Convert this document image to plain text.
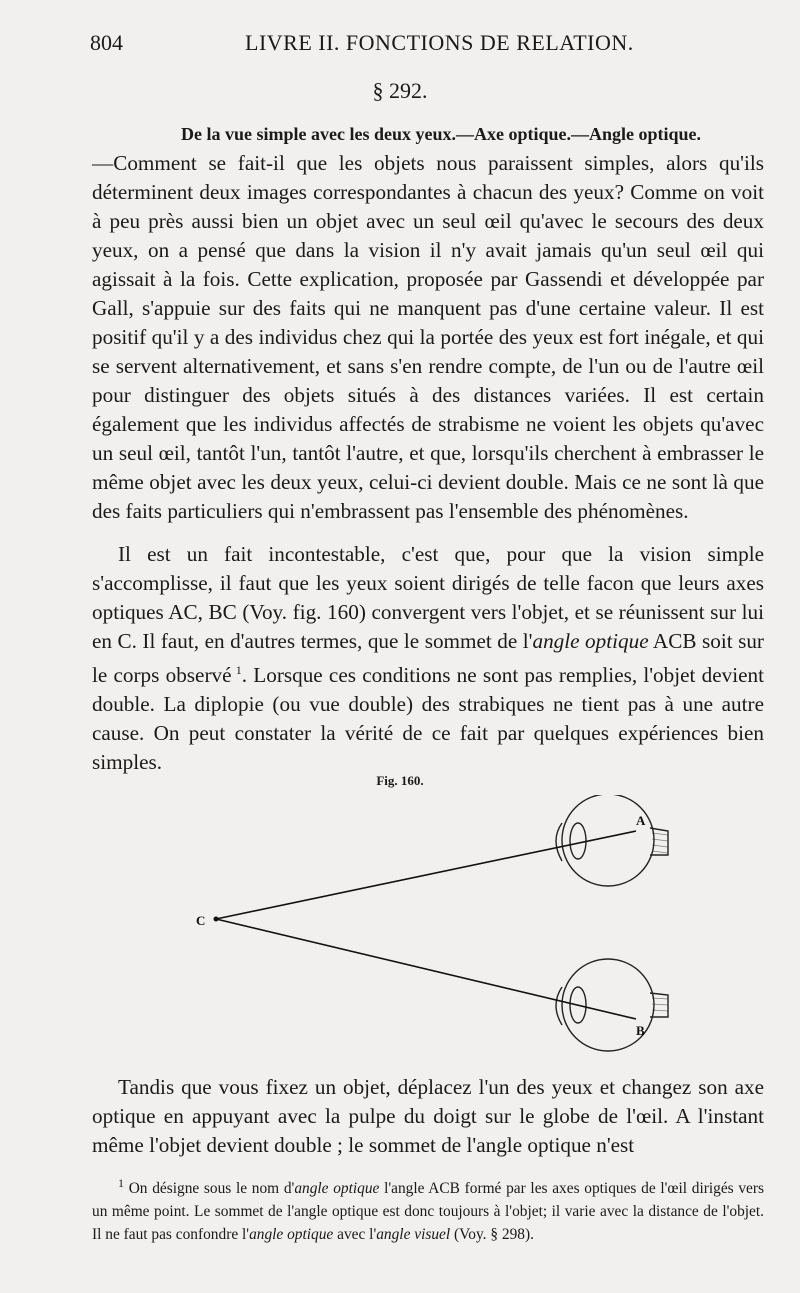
804	LIVRE II. FONCTIONS DE RELATION.
§ 292.
De la vue simple avec les deux yeux.—Axe optique.—Angle optique.

—Comment se fait-il que les objets nous paraissent simples, alors qu'ils déterminent deux images correspondantes à chacun des yeux? Comme on voit à peu près aussi bien un objet avec un seul œil qu'avec le secours des deux yeux, on a pensé que dans la vision il n'y avait jamais qu'un seul œil qui agissait à la fois. Cette explication, proposée par Gassendi et développée par Gall, s'appuie sur des faits qui ne manquent pas d'une certaine valeur. Il est positif qu'il y a des individus chez qui la portée des yeux est fort inégale, et qui se servent alternativement, et sans s'en rendre compte, de l'un ou de l'autre œil pour distinguer des objets situés à des distances variées. Il est certain également que les individus affectés de strabisme ne voient les objets qu'avec un seul œil, tantôt l'un, tantôt l'autre, et que, lorsqu'ils cherchent à embrasser le même objet avec les deux yeux, celui-ci devient double. Mais ce ne sont là que des faits particuliers qui n'embrassent pas l'ensemble des phénomènes.

Il est un fait incontestable, c'est que, pour que la vision simple s'accomplisse, il faut que les yeux soient dirigés de telle facon que leurs axes optiques AC, BC (Voy. fig. 160) convergent vers l'objet, et se réunissent sur lui en C. Il faut, en d'autres termes, que le sommet de l'angle optique ACB soit sur le corps observé  $^1$. Lorsque ces conditions ne sont pas remplies, l'objet devient double. La diplopie (ou vue double) des strabiques ne tient pas à une autre cause. On peut constater la vérité de ce fait par quelques expériences bien simples.

Fig. 160.
C
A
B

Tandis que vous fixez un objet, déplacez l'un des yeux et changez son axe optique en appuyant avec la pulpe du doigt sur le globe de l'œil. A l'instant même l'objet devient double ; le sommet de l'angle optique n'est

$^1$ On désigne sous le nom d'angle optique l'angle ACB formé par les axes optiques de l'œil dirigés vers un même point. Le sommet de l'angle optique est donc toujours à l'objet; il varie avec la distance de l'objet. Il ne faut pas confondre l'angle optique avec l'angle visuel (Voy. § 298).
